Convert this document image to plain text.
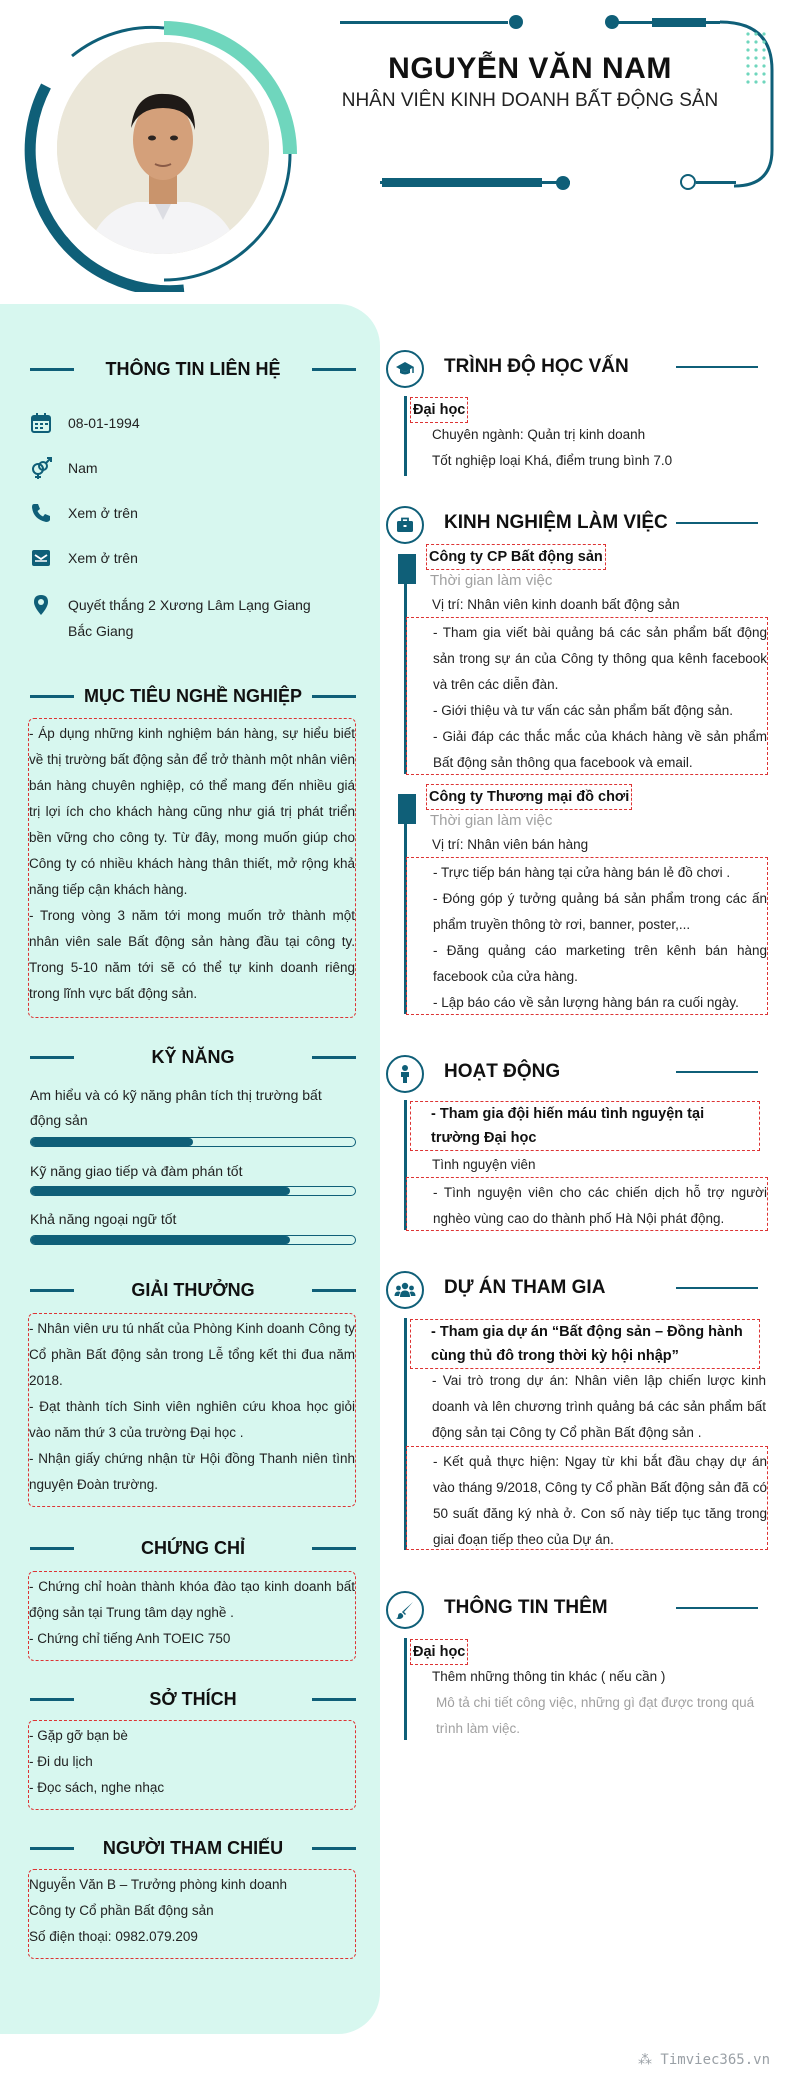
NGUYỄN VĂN NAM
NHÂN VIÊN KINH DOANH BẤT ĐỘNG SẢN
THÔNG TIN LIÊN HỆ
08-01-1994
Nam
Xem ở trên
Xem ở trên
Quyết thắng 2 Xương Lâm Lạng Giang
Bắc Giang
MỤC TIÊU NGHỀ NGHIỆP

- Áp dụng những kinh nghiệm bán hàng, sự hiểu biết về thị trường bất động sản để trở thành một nhân viên bán hàng chuyên nghiệp, có thể mang đến nhiều giá trị lợi ích cho khách hàng cũng như giá trị phát triển bền vững cho công ty. Từ đây, mong muốn giúp cho Công ty có nhiều khách hàng thân thiết, mở rộng khả năng tiếp cận khách hàng.

- Trong vòng 3 năm tới mong muốn trở thành một nhân viên sale Bất động sản hàng đầu tại công ty. Trong 5-10 năm tới sẽ có thể tự kinh doanh riêng trong lĩnh vực bất động sản.

KỸ NĂNG
Am hiểu và có kỹ năng phân tích thị trường bất động sản
Kỹ năng giao tiếp và đàm phán tốt
Khả năng ngoại ngữ tốt
GIẢI THƯỞNG

- Nhân viên ưu tú nhất của Phòng Kinh doanh Công ty Cổ phần Bất động sản trong Lễ tổng kết thi đua năm 2018.

- Đạt thành tích Sinh viên nghiên cứu khoa học giỏi vào năm thứ 3 của trường Đại học .

- Nhận giấy chứng nhận từ Hội đồng Thanh niên tình nguyện Đoàn trường.

CHỨNG CHỈ

- Chứng chỉ hoàn thành khóa đào tạo kinh doanh bất động sản tại Trung tâm dạy nghề .

- Chứng chỉ tiếng Anh TOEIC 750

SỞ THÍCH

- Gặp gỡ bạn bè

- Đi du lịch

- Đọc sách, nghe nhạc

NGƯỜI THAM CHIẾU

Nguyễn Văn B – Trưởng phòng kinh doanh

Công ty Cổ phần Bất động sản

Số điện thoại: 0982.079.209

TRÌNH ĐỘ HỌC VẤN
Đại học
Chuyên ngành: Quản trị kinh doanh
Tốt nghiệp loại Khá, điểm trung bình 7.0
KINH NGHIỆM LÀM VIỆC
Công ty CP Bất động sản
Thời gian làm việc
Vị trí: Nhân viên kinh doanh bất động sản

- Tham gia viết bài quảng bá các sản phẩm bất động sản trong sự án của Công ty thông qua kênh facebook và trên các diễn đàn.

- Giới thiệu và tư vấn các sản phẩm bất động sản.

- Giải đáp các thắc mắc của khách hàng về sản phẩm Bất động sản thông qua facebook và email.

Công ty Thương mại đồ chơi
Thời gian làm việc
Vị trí: Nhân viên bán hàng

- Trực tiếp bán hàng tại cửa hàng bán lẻ đồ chơi .

- Đóng góp ý tưởng quảng bá sản phẩm trong các ấn phẩm truyền thông tờ rơi, banner, poster,...

- Đăng quảng cáo marketing trên kênh bán hàng facebook của cửa hàng.

- Lập báo cáo về sản lượng hàng bán ra cuối ngày.

HOẠT ĐỘNG
- Tham gia đội hiến máu tình nguyện tại trường Đại học
Tình nguyện viên

- Tình nguyện viên cho các chiến dịch hỗ trợ người nghèo vùng cao do thành phố Hà Nội phát động.

DỰ ÁN THAM GIA
- Tham gia dự án “Bất động sản – Đồng hành cùng thủ đô trong thời kỳ hội nhập”
- Vai trò trong dự án: Nhân viên lập chiến lược kinh doanh và lên chương trình quảng bá các sản phẩm bất động sản tại Công ty Cổ phần Bất động sản .

- Kết quả thực hiện: Ngay từ khi bắt đầu chạy dự án vào tháng 9/2018, Công ty Cổ phần Bất động sản đã có 50 suất đăng ký nhà ở. Con số này tiếp tục tăng trong giai đoạn tiếp theo của Dự án.

THÔNG TIN THÊM
Đại học
Thêm những thông tin khác ( nếu cần )
Mô tả chi tiết công việc, những gì đạt được trong quá trình làm việc.
⁂ Timviec365.vn
